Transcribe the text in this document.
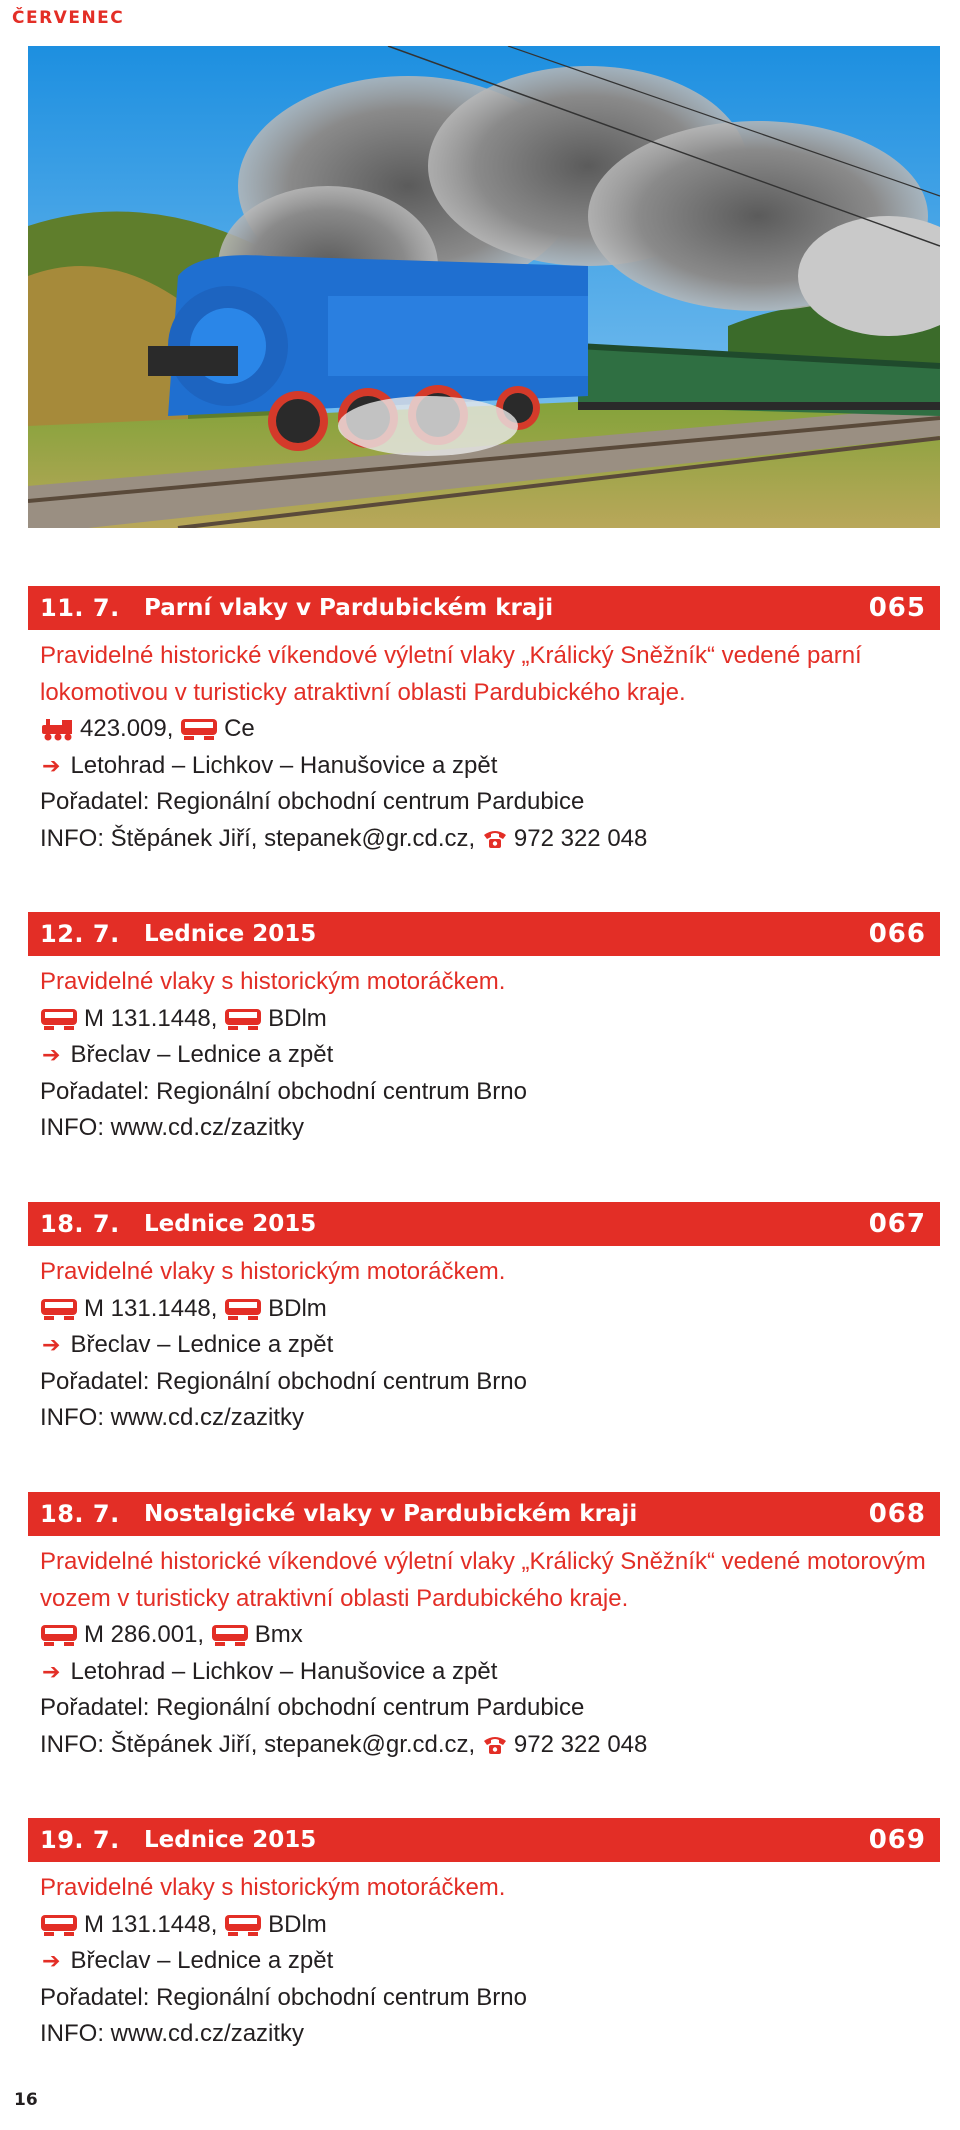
ČERVENEC
11. 7.	Parní vlaky v Pardubickém kraji	065
Pravidelné historické víkendové výletní vlaky „Králický Sněžník“ vedené parní lokomotivou v turisticky atraktivní oblasti Pardubického kraje.
423.009,
Ce
➔ Letohrad – Lichkov – Hanušovice a zpět
Pořadatel: Regionální obchodní centrum Pardubice
INFO: Štěpánek Jiří, stepanek@gr.cd.cz,
972 322 048
12. 7.	Lednice 2015	066
Pravidelné vlaky s historickým motoráčkem.
M 131.1448,
BDlm
➔ Břeclav – Lednice a zpět
Pořadatel: Regionální obchodní centrum Brno
INFO: www.cd.cz/zazitky
18. 7.	Lednice 2015	067
Pravidelné vlaky s historickým motoráčkem.
M 131.1448,
BDlm
➔ Břeclav – Lednice a zpět
Pořadatel: Regionální obchodní centrum Brno
INFO: www.cd.cz/zazitky
18. 7.	Nostalgické vlaky v Pardubickém kraji	068
Pravidelné historické víkendové výletní vlaky „Králický Sněžník“ vedené motorovým vozem v turisticky atraktivní oblasti Pardubického kraje.
M 286.001,
Bmx
➔ Letohrad – Lichkov – Hanušovice a zpět
Pořadatel: Regionální obchodní centrum Pardubice
INFO: Štěpánek Jiří, stepanek@gr.cd.cz,
972 322 048
19. 7.	Lednice 2015	069
Pravidelné vlaky s historickým motoráčkem.
M 131.1448,
BDlm
➔ Břeclav – Lednice a zpět
Pořadatel: Regionální obchodní centrum Brno
INFO: www.cd.cz/zazitky
16
